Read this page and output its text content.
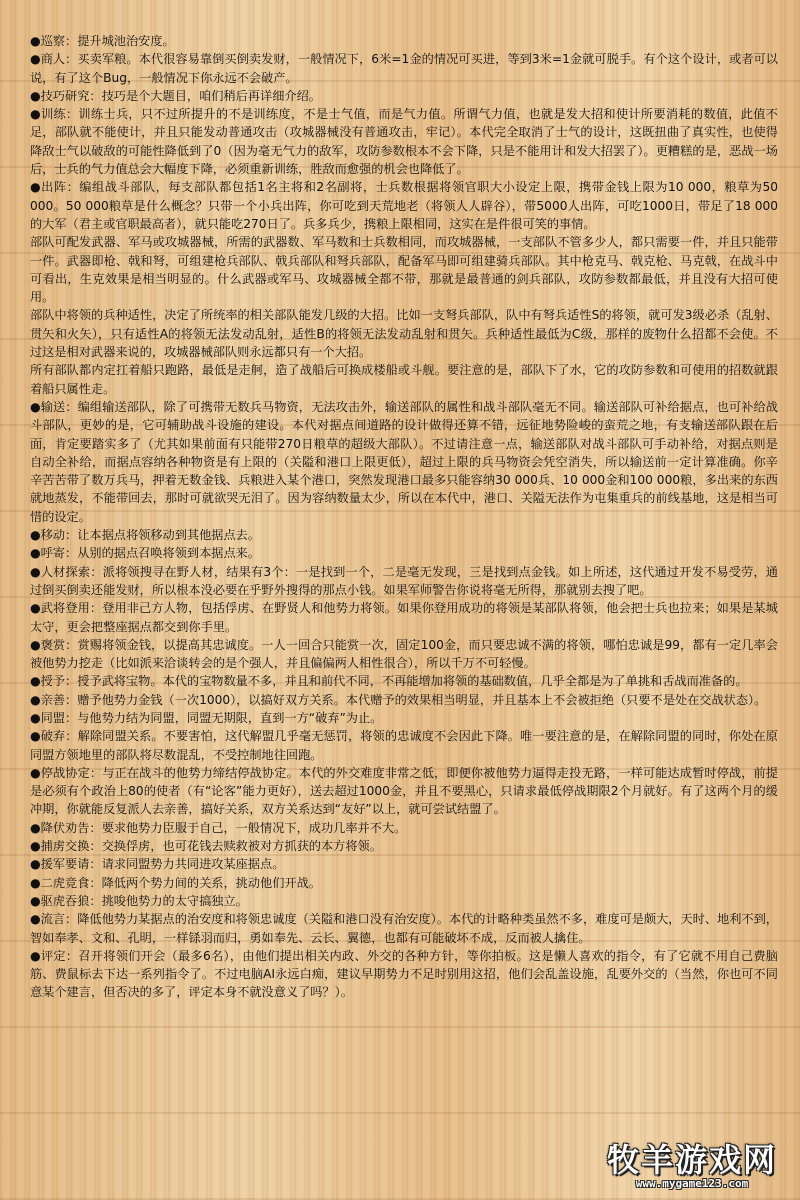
●巡察：提升城池治安度。

●商人：买卖军粮。本代很容易靠倒买倒卖发财，一般情况下，6米=1金的情况可买进，等到3米=1金就可脱手。有个这个设计，或者可以说，有了这个Bug，一般情况下你永远不会破产。

●技巧研究：技巧是个大题目，咱们稍后再详细介绍。

●训练：训练士兵，只不过所提升的不是训练度，不是士气值，而是气力值。所谓气力值，也就是发大招和使计所要消耗的数值，此值不足，部队就不能使计，并且只能发动普通攻击（攻城器械没有普通攻击，牢记）。本代完全取消了士气的设计，这既扭曲了真实性，也使得降敌士气以破敌的可能性降低到了0（因为毫无气力的敌军，攻防参数根本不会下降，只是不能用计和发大招罢了）。更糟糕的是，恶战一场后，士兵的气力值总会大幅度下降，必须重新训练，胜敌而愈强的机会也降低了。

●出阵：编组战斗部队，每支部队都包括1名主将和2名副将，士兵数根据将领官职大小设定上限，携带金钱上限为10 000，粮草为50 000。50 000粮草是什么概念？只带一个小兵出阵，你可吃到天荒地老（将领人人辟谷），带5000人出阵，可吃1000日，带足了18 000的大军（君主或官职最高者），就只能吃270日了。兵多兵少，携粮上限相同，这实在是件很可笑的事情。

部队可配发武器、军马或攻城器械，所需的武器数、军马数和士兵数相同，而攻城器械，一支部队不管多少人，都只需要一件，并且只能带一件。武器即枪、戟和弩，可组建枪兵部队、戟兵部队和弩兵部队，配备军马即可组建骑兵部队。其中枪克马、戟克枪、马克戟，在战斗中可看出，生克效果是相当明显的。什么武器或军马、攻城器械全都不带，那就是最普通的剑兵部队，攻防参数都最低，并且没有大招可使用。

部队中将领的兵种适性，决定了所统率的相关部队能发几级的大招。比如一支弩兵部队，队中有弩兵适性S的将领，就可发3级必杀（乱射、贯矢和火矢），只有适性A的将领无法发动乱射，适性B的将领无法发动乱射和贯矢。兵种适性最低为C级，那样的废物什么招都不会使。不过这是相对武器来说的，攻城器械部队则永远都只有一个大招。

所有部队都内定扛着船只跑路，最低是走舸，造了战船后可换成楼船或斗舰。要注意的是，部队下了水，它的攻防参数和可使用的招数就跟着船只属性走。

●输送：编组输送部队，除了可携带无数兵马物资，无法攻击外，输送部队的属性和战斗部队毫无不同。输送部队可补给据点，也可补给战斗部队，更妙的是，它可辅助战斗设施的建设。本代对据点间道路的设计做得还算不错，远征地势险峻的蛮荒之地，有支输送部队跟在后面，肯定要踏实多了（尤其如果前面有只能带270日粮草的超级大部队）。不过请注意一点，输送部队对战斗部队可手动补给，对据点则是自动全补给，而据点容纳各种物资是有上限的（关隘和港口上限更低），超过上限的兵马物资会凭空消失，所以输送前一定计算准确。你辛辛苦苦带了数万兵马，押着无数金钱、兵粮进入某个港口，突然发现港口最多只能容纳30 000兵、10 000金和100 000粮，多出来的东西就地蒸发，不能带回去，那时可就欲哭无泪了。因为容纳数量太少，所以在本代中，港口、关隘无法作为屯集重兵的前线基地，这是相当可惜的设定。

●移动：让本据点将领移动到其他据点去。

●呼寄：从别的据点召唤将领到本据点来。

●人材探索：派将领搜寻在野人材，结果有3个：一是找到一个，二是毫无发现，三是找到点金钱。如上所述，这代通过开发不易受劳，通过倒买倒卖还能发财，所以根本没必要在乎野外搜得的那点小钱。如果军师警告你说将毫无所得，那就别去搜了吧。

●武将登用：登用非己方人物，包括俘虏、在野贤人和他势力将领。如果你登用成功的将领是某部队将领，他会把士兵也拉来；如果是某城太守，更会把整座据点都交到你手里。

●褒赏：赏赐将领金钱，以提高其忠诚度。一人一回合只能赏一次，固定100金，而只要忠诚不满的将领，哪怕忠诚是99，都有一定几率会被他势力挖走（比如派来洽谈转会的是个强人，并且偏偏两人相性很合），所以千万不可轻慢。

●授予：授予武将宝物。本代的宝物数量不多，并且和前代不同，不再能增加将领的基础数值，几乎全都是为了单挑和舌战而准备的。

●亲善：赠予他势力金钱（一次1000），以搞好双方关系。本代赠予的效果相当明显，并且基本上不会被拒绝（只要不是处在交战状态）。

●同盟：与他势力结为同盟，同盟无期限，直到一方“破弃”为止。

●破弃：解除同盟关系。不要害怕，这代解盟几乎毫无惩罚，将领的忠诚度不会因此下降。唯一要注意的是，在解除同盟的同时，你处在原同盟方领地里的部队将尽数混乱，不受控制地往回跑。

●停战协定：与正在战斗的他势力缔结停战协定。本代的外交难度非常之低，即便你被他势力逼得走投无路，一样可能达成暂时停战，前提是必须有个政治上80的使者（有“论客”能力更好），送去超过1000金，并且不要黑心，只请求最低停战期限2个月就好。有了这两个月的缓冲期，你就能反复派人去亲善，搞好关系，双方关系达到“友好”以上，就可尝试结盟了。

●降伏劝告：要求他势力臣服于自己，一般情况下，成功几率并不大。

●捕虏交换：交换俘虏，也可花钱去赎救被对方抓获的本方将领。

●援军要请：请求同盟势力共同进攻某座据点。

●二虎竞食：降低两个势力间的关系，挑动他们开战。

●驱虎吞狼：挑唆他势力的太守搞独立。

●流言：降低他势力某据点的治安度和将领忠诚度（关隘和港口没有治安度）。本代的计略种类虽然不多，难度可是颇大，天时、地利不到，智如奉孝、文和、孔明，一样铩羽而归，勇如奉先、云长、翼德，也都有可能破坏不成，反而被人擒住。

●评定：召开将领们开会（最多6名），由他们提出相关内政、外交的各种方针，等你拍板。这是懒人喜欢的指令，有了它就不用自己费脑筋、费鼠标去下达一系列指令了。不过电脑AI永远白痴，建议早期势力不足时别用这招，他们会乱盖设施，乱要外交的（当然，你也可不同意某个建言，但否决的多了，评定本身不就没意义了吗？）。

牧羊游戏网
www.mygame123.com
